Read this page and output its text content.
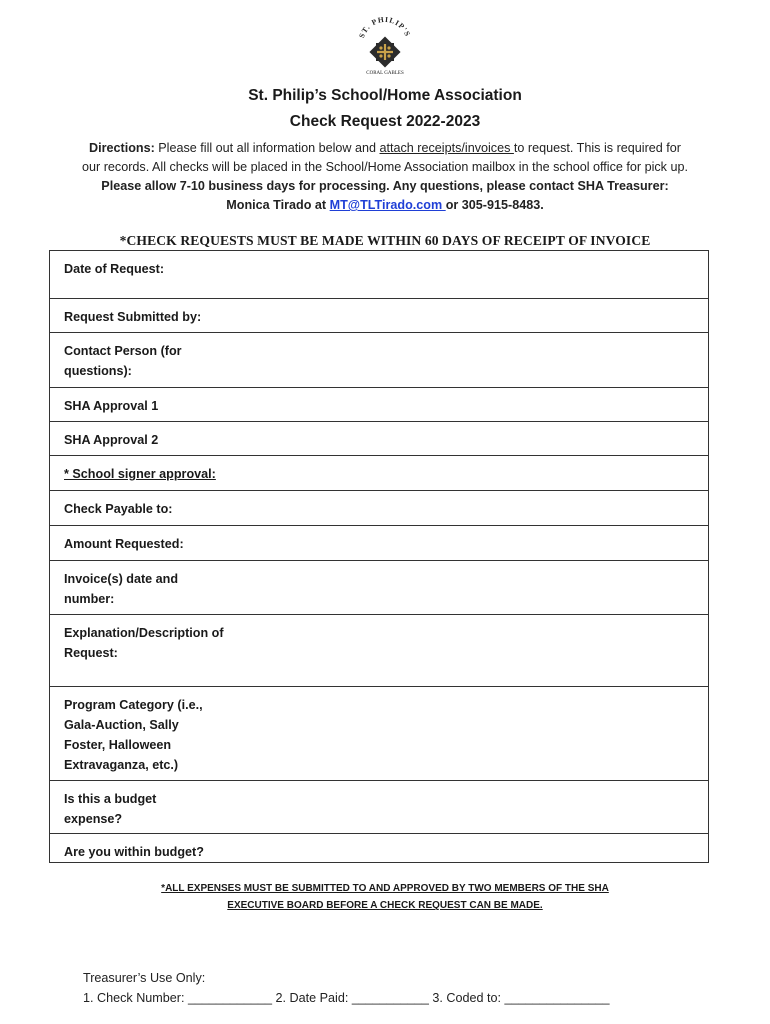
ST. PHILIP'S
CORAL GABLES
St. Philip’s School/Home Association
Check Request 2022-2023
Directions: Please fill out all information below and attach receipts/invoices to request. This is required for our records. All checks will be placed in the School/Home Association mailbox in the school office for pick up. Please allow 7-10 business days for processing. Any questions, please contact SHA Treasurer: Monica Tirado at MT@TLTirado.com or 305-915-8483.
*CHECK REQUESTS MUST BE MADE WITHIN 60 DAYS OF RECEIPT OF INVOICE
Date of Request:
Request Submitted by:
Contact Person (for questions):
SHA Approval 1
SHA Approval 2
* School signer approval:
Check Payable to:
Amount Requested:
Invoice(s) date and number:
Explanation/Description of Request:
Program Category (i.e., Gala-Auction, Sally Foster, Halloween Extravaganza, etc.)
Is this a budget expense?
Are you within budget?
*ALL EXPENSES MUST BE SUBMITTED TO AND APPROVED BY TWO MEMBERS OF THE SHA
EXECUTIVE BOARD BEFORE A CHECK REQUEST CAN BE MADE.
Treasurer’s Use Only:
1. Check Number: ____________ 2. Date Paid: ___________ 3. Coded to: _______________
